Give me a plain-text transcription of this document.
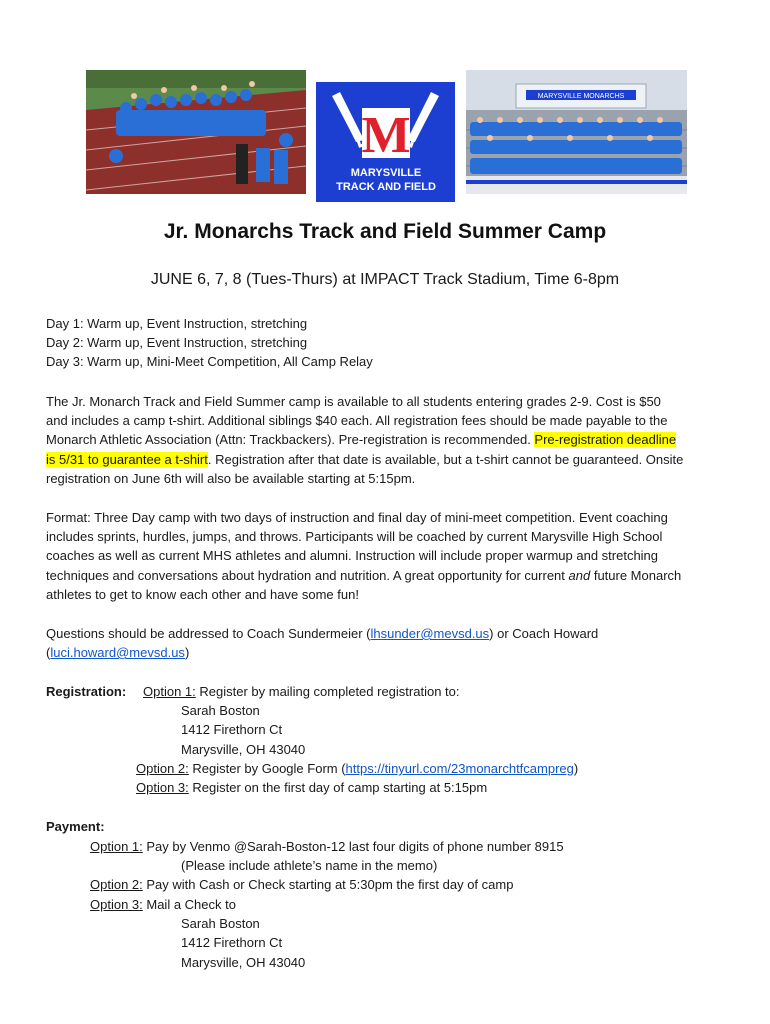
M
MARYSVILLE
TRACK AND FIELD
MARYSVILLE MONARCHS
Jr. Monarchs Track and Field Summer Camp
JUNE 6, 7, 8 (Tues-Thurs) at IMPACT Track Stadium, Time 6-8pm
Day 1: Warm up, Event Instruction, stretching
Day 2: Warm up, Event Instruction, stretching
Day 3: Warm up, Mini-Meet Competition, All Camp Relay
The Jr. Monarch Track and Field Summer camp is available to all students entering grades 2-9. Cost is $50
and includes a camp t-shirt. Additional siblings $40 each. All registration fees should be made payable to the
Monarch Athletic Association (Attn: Trackbackers). Pre-registration is recommended. Pre-registration deadline
is 5/31 to guarantee a t-shirt. Registration after that date is available, but a t-shirt cannot be guaranteed. Onsite
registration on June 6th will also be available starting at 5:15pm.
Format: Three Day camp with two days of instruction and final day of mini-meet competition. Event coaching
includes sprints, hurdles, jumps, and throws. Participants will be coached by current Marysville High School
coaches as well as current MHS athletes and alumni. Instruction will include proper warmup and stretching
techniques and conversations about hydration and nutrition. A great opportunity for current and future Monarch
athletes to get to know each other and have some fun!
Questions should be addressed to Coach Sundermeier (lhsunder@mevsd.us) or Coach Howard
(luci.howard@mevsd.us)
Registration: Option 1: Register by mailing completed registration to:
Sarah Boston
1412 Firethorn Ct
Marysville, OH 43040
Option 2: Register by Google Form (https://tinyurl.com/23monarchtfcampreg)
Option 3: Register on the first day of camp starting at 5:15pm
Payment:
Option 1: Pay by Venmo @Sarah-Boston-12 last four digits of phone number 8915
(Please include athlete’s name in the memo)
Option 2: Pay with Cash or Check starting at 5:30pm the first day of camp
Option 3: Mail a Check to
Sarah Boston
1412 Firethorn Ct
Marysville, OH 43040
